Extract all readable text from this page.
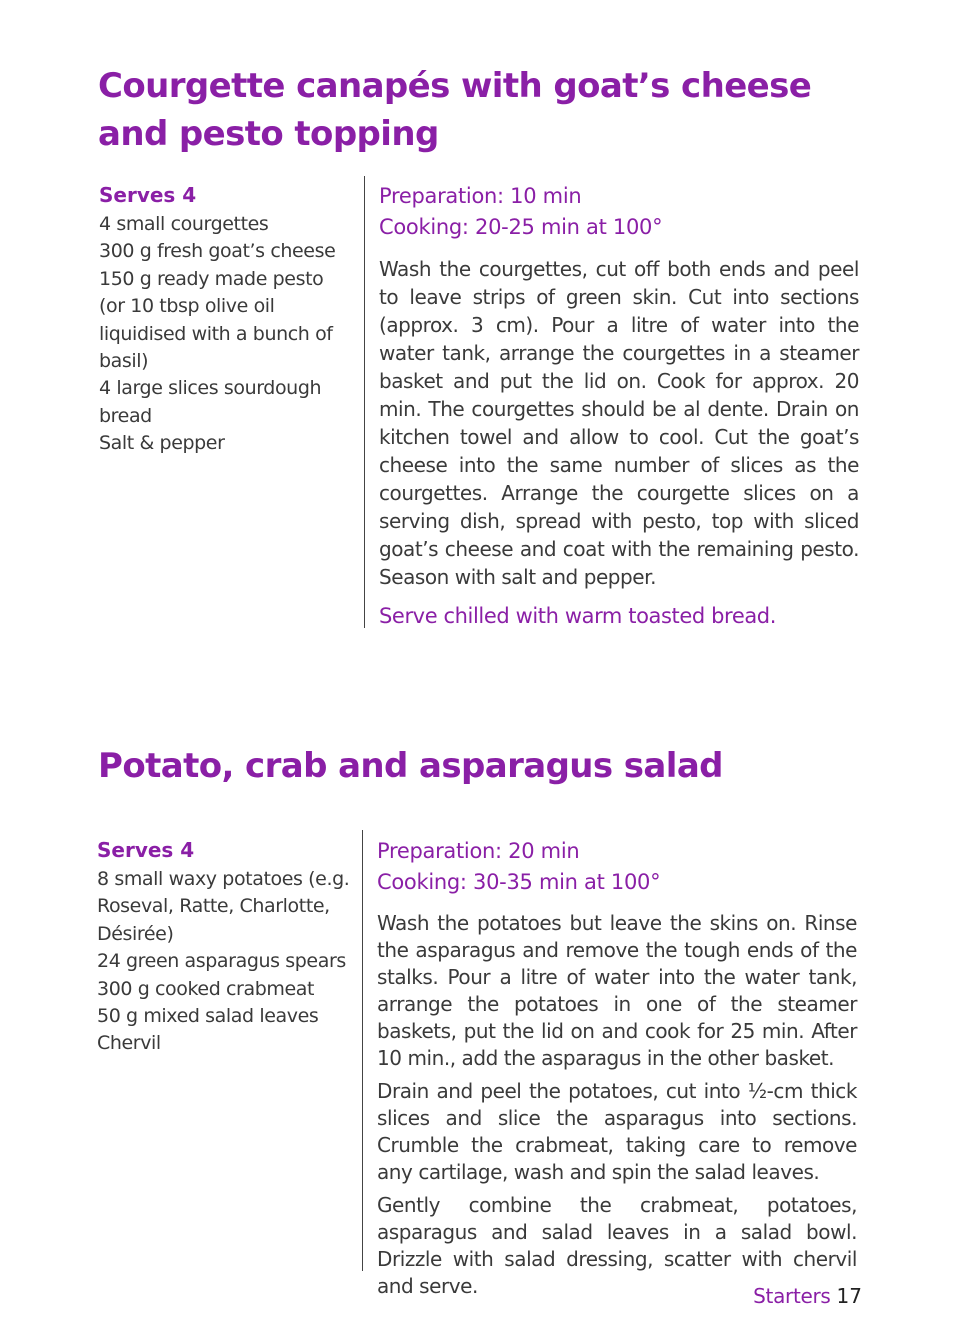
Courgette canapés with goat’s cheese
and pesto topping
Serves 4
4 small courgettes
300 g fresh goat’s cheese
150 g ready made pesto
(or 10 tbsp olive oil
liquidised with a bunch of
basil)
4 large slices sourdough
bread
Salt & pepper
Preparation: 10 min
Cooking: 20-25 min at 100°

Wash the courgettes, cut off both ends and peel to leave strips of green skin. Cut into sections (approx. 3 cm). Pour a litre of water into the water tank, arrange the courgettes in a steamer basket and put the lid on. Cook for approx. 20 min. The courgettes should be al dente. Drain on kitchen towel and allow to cool. Cut the goat’s cheese into the same number of slices as the courgettes. Arrange the courgette slices on a serving dish, spread with pesto, top with sliced goat’s cheese and coat with the remaining pesto. Season with salt and pepper.

Serve chilled with warm toasted bread.
Potato, crab and asparagus salad
Serves 4
8 small waxy potatoes (e.g.
Roseval, Ratte, Charlotte,
Désirée)
24 green asparagus spears
300 g cooked crabmeat
50 g mixed salad leaves
Chervil
Preparation: 20 min
Cooking: 30-35 min at 100°

Wash the potatoes but leave the skins on. Rinse the asparagus and remove the tough ends of the stalks. Pour a litre of water into the water tank, arrange the potatoes in one of the steamer baskets, put the lid on and cook for 25 min. After 10 min., add the asparagus in the other basket.

Drain and peel the potatoes, cut into ½-cm thick slices and slice the asparagus into sections. Crumble the crabmeat, taking care to remove any cartilage, wash and spin the salad leaves.

Gently combine the crabmeat, potatoes, asparagus and salad leaves in a salad bowl. Drizzle with salad dressing, scatter with chervil and serve.	Starters 17
